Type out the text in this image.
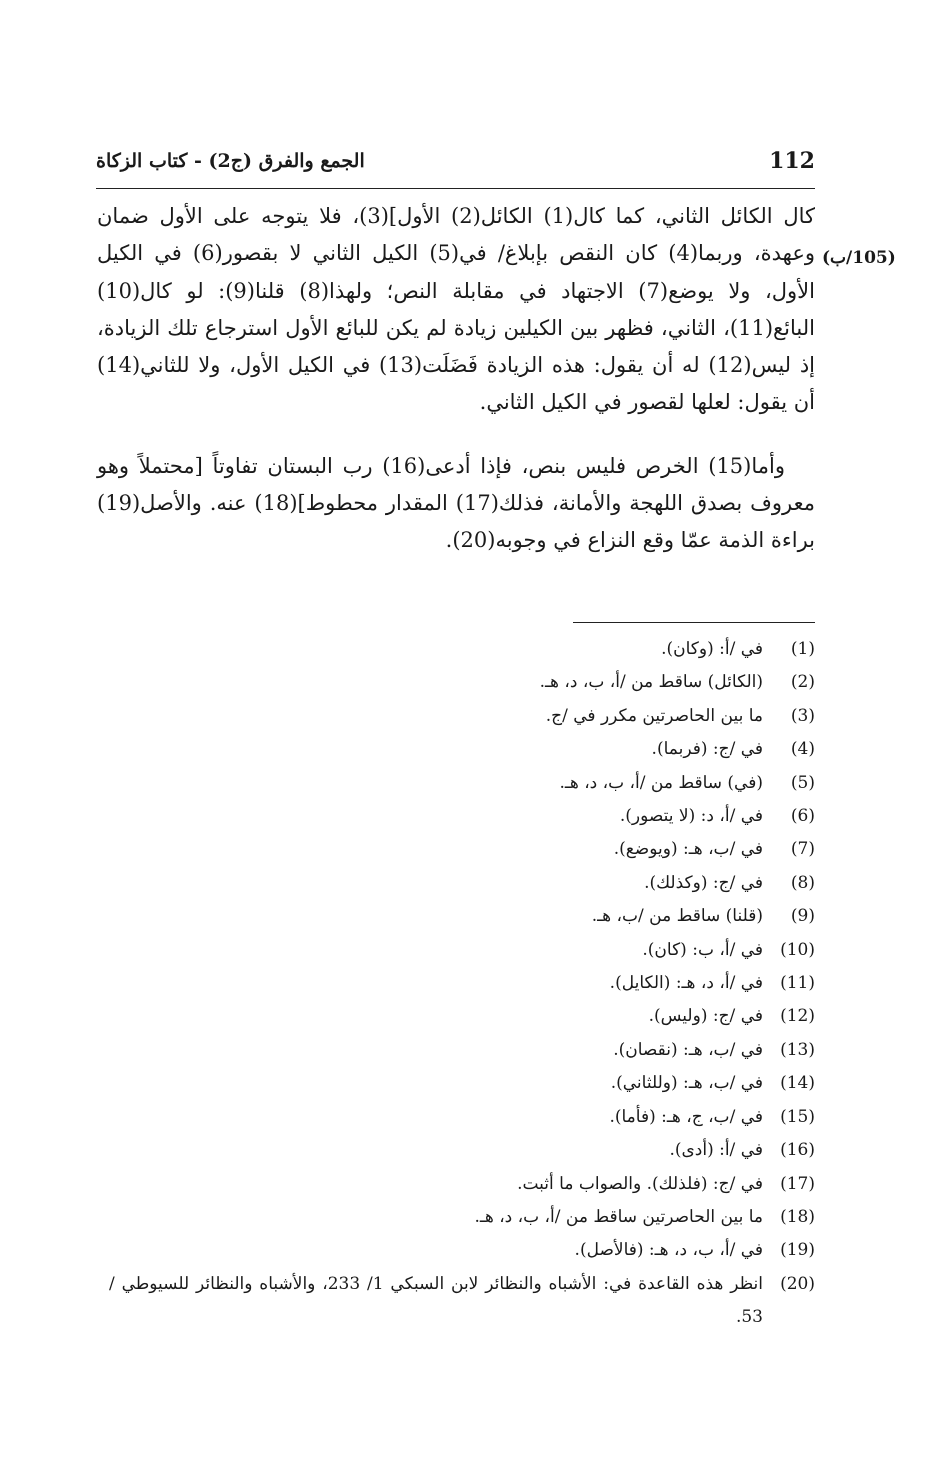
112
الجمع والفرق (ج2) - كتاب الزكاة
(105/ب)

كال الكائل الثاني، كما كال(1) الكائل(2) الأول](3)، فلا يتوجه على الأول ضمان وعهدة، وربما(4) كان النقص بإبلاغ/ في(5) الكيل الثاني لا بقصور(6) في الكيل الأول، ولا يوضع(7) الاجتهاد في مقابلة النص؛ ولهذا(8) قلنا(9): لو كال(10) البائع(11)، الثاني، فظهر بين الكيلين زيادة لم يكن للبائع الأول استرجاع تلك الزيادة، إذ ليس(12) له أن يقول: هذه الزيادة فَضَلَت(13) في الكيل الأول، ولا للثاني(14) أن يقول: لعلها لقصور في الكيل الثاني.

وأما(15) الخرص فليس بنص، فإذا أدعى(16) رب البستان تفاوتاً [محتملاً وهو معروف بصدق اللهجة والأمانة، فذلك(17) المقدار محطوط](18) عنه. والأصل(19) براءة الذمة عمّا وقع النزاع في وجوبه(20).

(1)
في /أ: (وكان).
(2)
(الكائل) ساقط من /أ، ب، د، هـ.
(3)
ما بين الحاصرتين مكرر في /ج.
(4)
في /ج: (فربما).
(5)
(في) ساقط من /أ، ب، د، هـ.
(6)
في /أ، د: (لا يتصور).
(7)
في /ب، هـ: (ويوضع).
(8)
في /ج: (وكذلك).
(9)
(قلنا) ساقط من /ب، هـ.
(10)
في /أ، ب: (كان).
(11)
في /أ، د، هـ: (الكايل).
(12)
في /ج: (وليس).
(13)
في /ب، هـ: (نقصان).
(14)
في /ب، هـ: (وللثاني).
(15)
في /ب، ج، هـ: (فأما).
(16)
في /أ: (أدى).
(17)
في /ج: (فلذلك). والصواب ما أثبت.
(18)
ما بين الحاصرتين ساقط من /أ، ب، د، هـ.
(19)
في /أ، ب، د، هـ: (فالأصل).
(20)
انظر هذه القاعدة في: الأشباه والنظائر لابن السبكي 1/ 233، والأشباه والنظائر للسيوطي / 53.
